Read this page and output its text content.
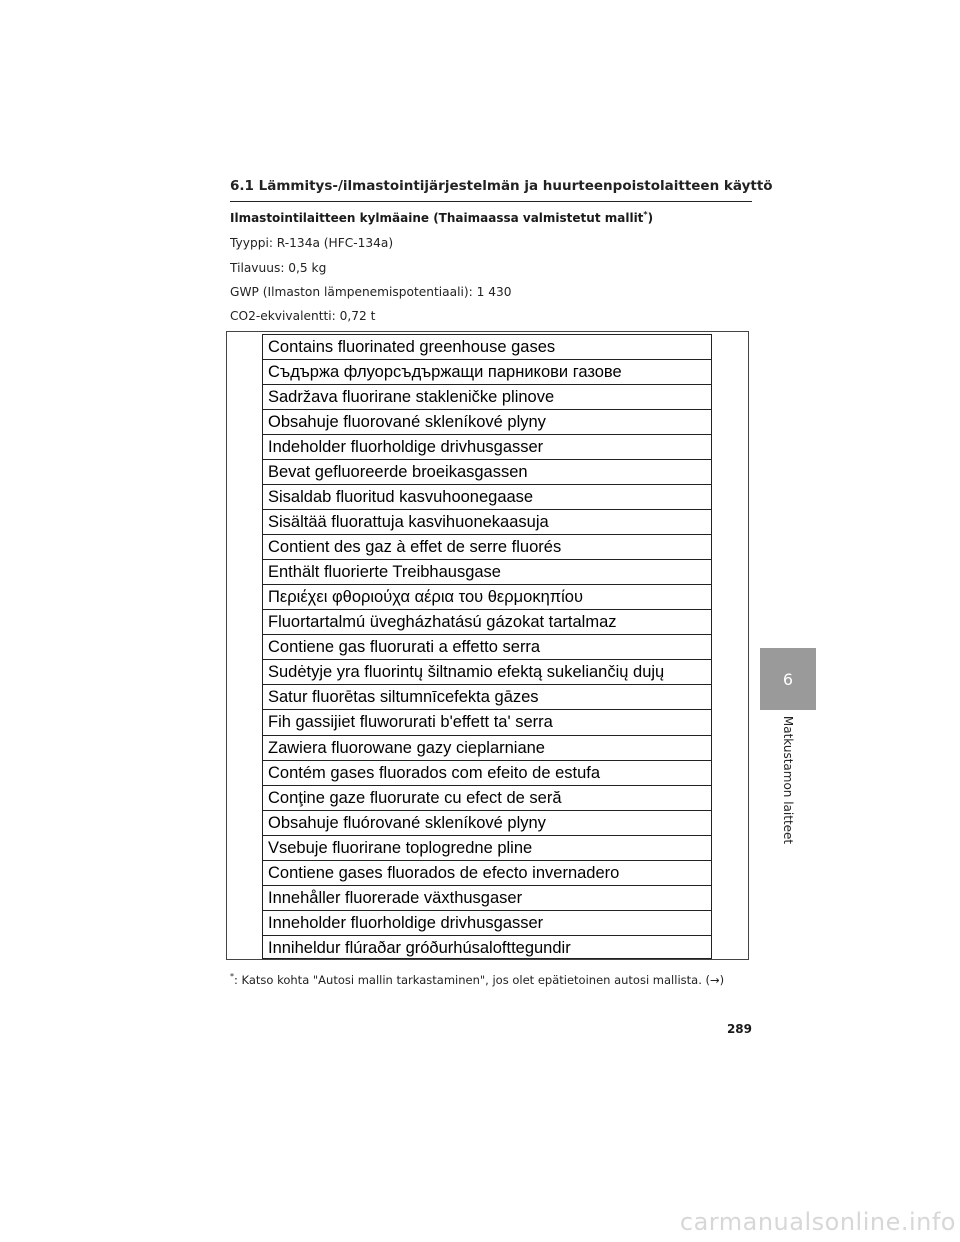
6.1 Lämmitys-/ilmastointijärjestelmän ja huurteenpoistolaitteen käyttö
Ilmastointilaitteen kylmäaine (Thaimaassa valmistetut mallit*)
Tyyppi: R-134a (HFC-134a)
Tilavuus: 0,5 kg
GWP (Ilmaston lämpenemispotentiaali): 1 430
CO2-ekvivalentti: 0,72 t
Contains fluorinated greenhouse gases
Съдържа флуорсъдържащи парникови газове
Sadržava fluorirane stakleničke plinove
Obsahuje fluorované skleníkové plyny
Indeholder fluorholdige drivhusgasser
Bevat gefluoreerde broeikasgassen
Sisaldab fluoritud kasvuhoonegaase
Sisältää fluorattuja kasvihuonekaasuja
Contient des gaz à effet de serre fluorés
Enthält fluorierte Treibhausgase
Περιέχει φθοριούχα αέρια του θερμοκηπίου
Fluortartalmú üvegházhatású gázokat tartalmaz
Contiene gas fluorurati a effetto serra
Sudėtyje yra fluorintų šiltnamio efektą sukeliančių dujų
Satur fluorētas siltumnīcefekta gāzes
Fih gassijiet fluworurati b'effett ta' serra
Zawiera fluorowane gazy cieplarniane
Contém gases fluorados com efeito de estufa
Conţine gaze fluorurate cu efect de seră
Obsahuje fluórované skleníkové plyny
Vsebuje fluorirane toplogredne pline
Contiene gases fluorados de efecto invernadero
Innehåller fluorerade växthusgaser
Inneholder fluorholdige drivhusgasser
Inniheldur flúraðar gróðurhúsalofttegundir
*: Katso kohta "Autosi mallin tarkastaminen", jos olet epätietoinen autosi mallista. (→)
289
6
Matkustamon laitteet
carmanualsonline.info
